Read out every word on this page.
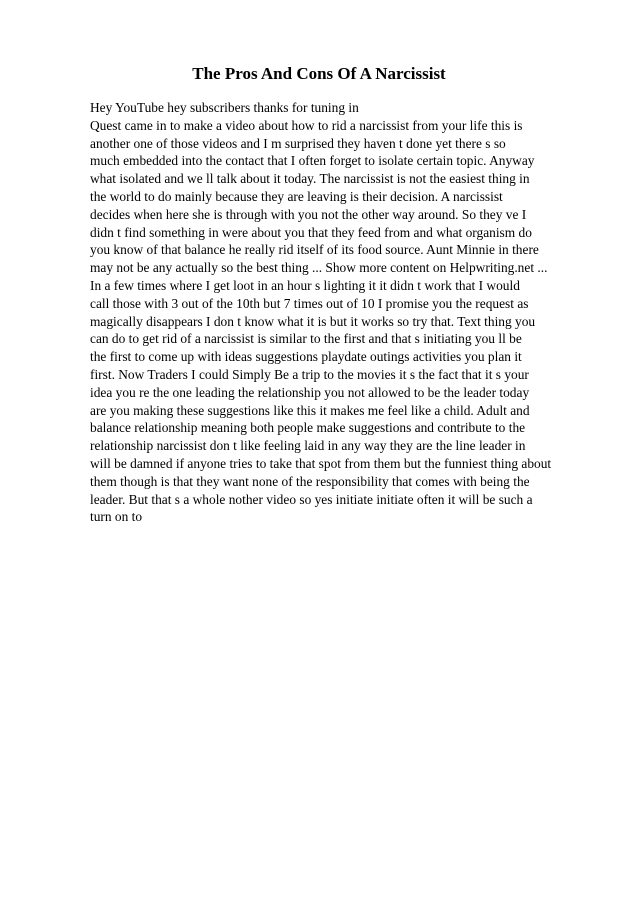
The Pros And Cons Of A Narcissist
Hey YouTube hey subscribers thanks for tuning in
Quest came in to make a video about how to rid a narcissist from your life this is
another one of those videos and I m surprised they haven t done yet there s so
much embedded into the contact that I often forget to isolate certain topic. Anyway
what isolated and we ll talk about it today. The narcissist is not the easiest thing in
the world to do mainly because they are leaving is their decision. A narcissist
decides when here she is through with you not the other way around. So they ve I
didn t find something in were about you that they feed from and what organism do
you know of that balance he really rid itself of its food source. Aunt Minnie in there
may not be any actually so the best thing ... Show more content on Helpwriting.net ...
In a few times where I get loot in an hour s lighting it it didn t work that I would
call those with 3 out of the 10th but 7 times out of 10 I promise you the request as
magically disappears I don t know what it is but it works so try that. Text thing you
can do to get rid of a narcissist is similar to the first and that s initiating you ll be
the first to come up with ideas suggestions playdate outings activities you plan it
first. Now Traders I could Simply Be a trip to the movies it s the fact that it s your
idea you re the one leading the relationship you not allowed to be the leader today
are you making these suggestions like this it makes me feel like a child. Adult and
balance relationship meaning both people make suggestions and contribute to the
relationship narcissist don t like feeling laid in any way they are the line leader in
will be damned if anyone tries to take that spot from them but the funniest thing about
them though is that they want none of the responsibility that comes with being the
leader. But that s a whole nother video so yes initiate initiate often it will be such a
turn on to
